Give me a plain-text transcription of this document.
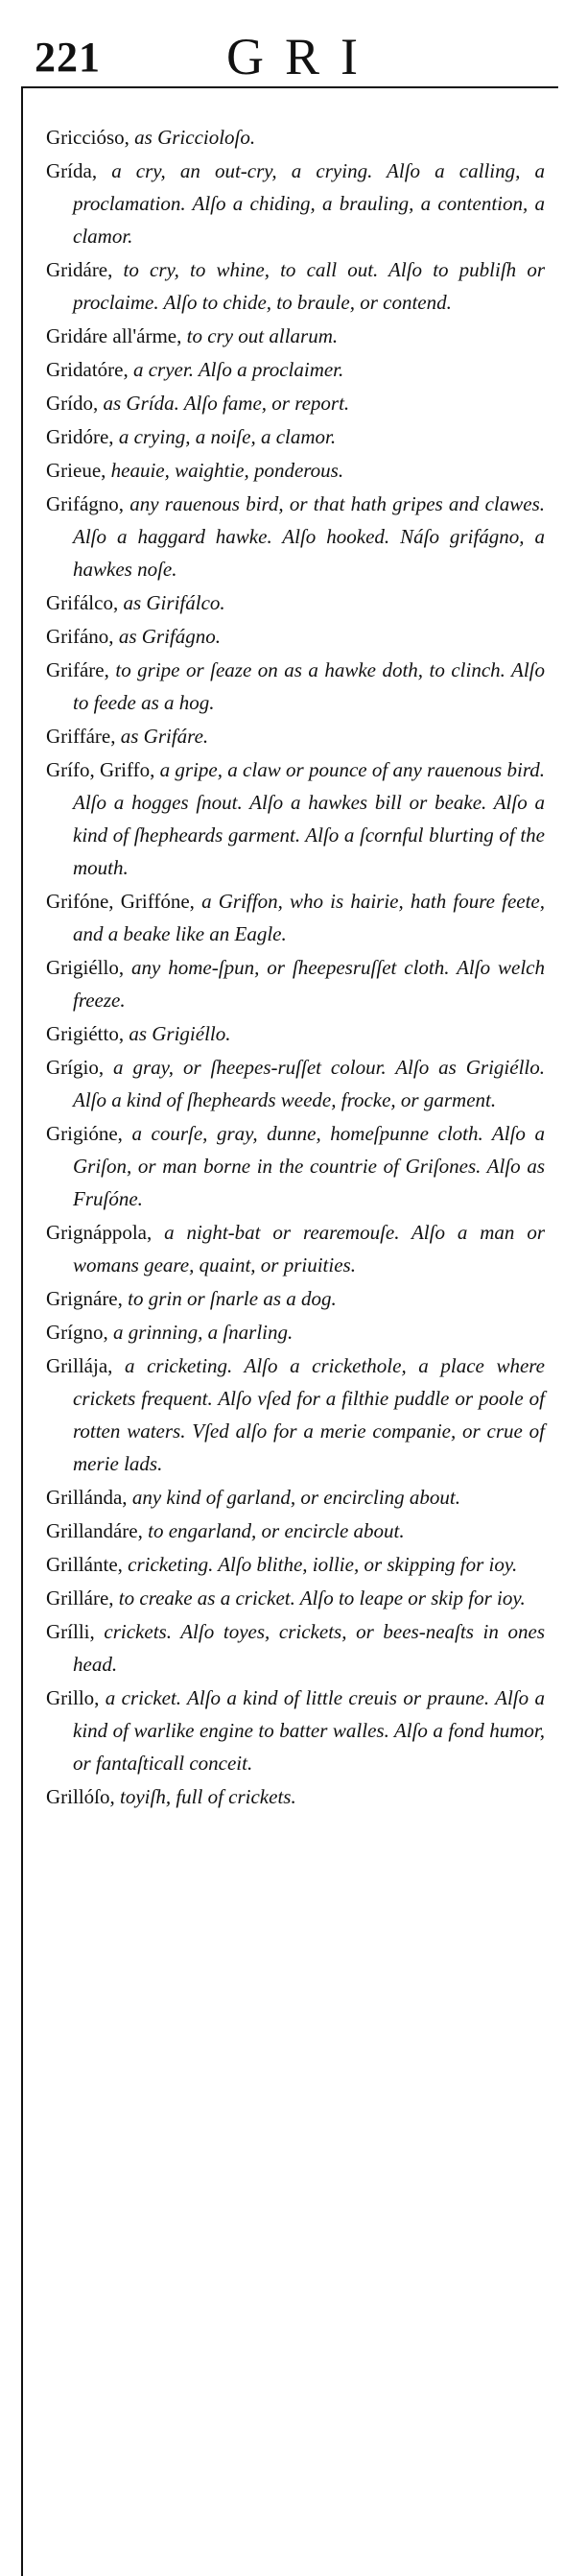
221 GRI
Gricciósо, as Griccioloſo.
Grída, a cry, an out-cry, a crying. Alſo a calling, a proclamation. Alſo a chiding, a brauling, a contention, a clamor.
Gridáre, to cry, to whine, to call out. Alſo to publiſh or proclaime. Alſo to chide, to braule, or contend.
Gridáre all'árme, to cry out allarum.
Gridatóre, a cryer. Alſo a proclaimer.
Grído, as Grída. Alſo fame, or report.
Gridóre, a crying, a noiſe, a clamor.
Grieue, heauie, waightie, ponderous.
Grifágno, any rauenous bird, or that hath gripes and clawes. Alſo a haggard hawke. Alſo hooked. Náſo grifágno, a hawkes noſe.
Grifálco, as Girifálco.
Grifáno, as Grifágno.
Grifáre, to gripe or ſeaze on as a hawke doth, to clinch. Alſo to feede as a hog.
Griffáre, as Grifáre.
Grífo, Griffo, a gripe, a claw or pounce of any rauenous bird. Alſo a hogges ſnout. Alſo a hawkes bill or beake. Alſo a kind of ſhepheards garment. Alſo a ſcornful blurting of the mouth.
Grifóne, Griffóne, a Griffon, who is hairie, hath foure feete, and a beake like an Eagle.
Grigiéllo, any home-ſpun, or ſheepesruſſet cloth. Alſo welch freeze.
Grigiétto, as Grigiéllo.
Grígio, a gray, or ſheepes-ruſſet colour. Alſo as Grigiéllo. Alſo a kind of ſhepheards weede, frocke, or garment.
Grigióne, a courſe, gray, dunne, homeſpunne cloth. Alſo a Griſon, or man borne in the countrie of Griſones. Alſo as Fruſóne.
Grignáppola, a night-bat or rearemouſe. Alſo a man or womans geare, quaint, or priuities.
Grignáre, to grin or ſnarle as a dog.
Grígno, a grinning, a ſnarling.
Grillája, a cricketing. Alſo a crickethole, a place where crickets frequent. Alſo vſed for a filthie puddle or poole of rotten waters. Vſed alſo for a merie companie, or crue of merie lads.
Grillánda, any kind of garland, or encircling about.
Grillandáre, to engarland, or encircle about.
Grillánte, cricketing. Alſo blithe, iollie, or skipping for ioy.
Grilláre, to creake as a cricket. Alſo to leape or skip for ioy.
Grílli, crickets. Alſo toyes, crickets, or bees-neaſts in ones head.
Grillo, a cricket. Alſo a kind of little creuis or praune. Alſo a kind of warlike engine to batter walles. Alſo a fond humor, or fantaſticall conceit.
Grillóſo, toyiſh, full of crickets.
